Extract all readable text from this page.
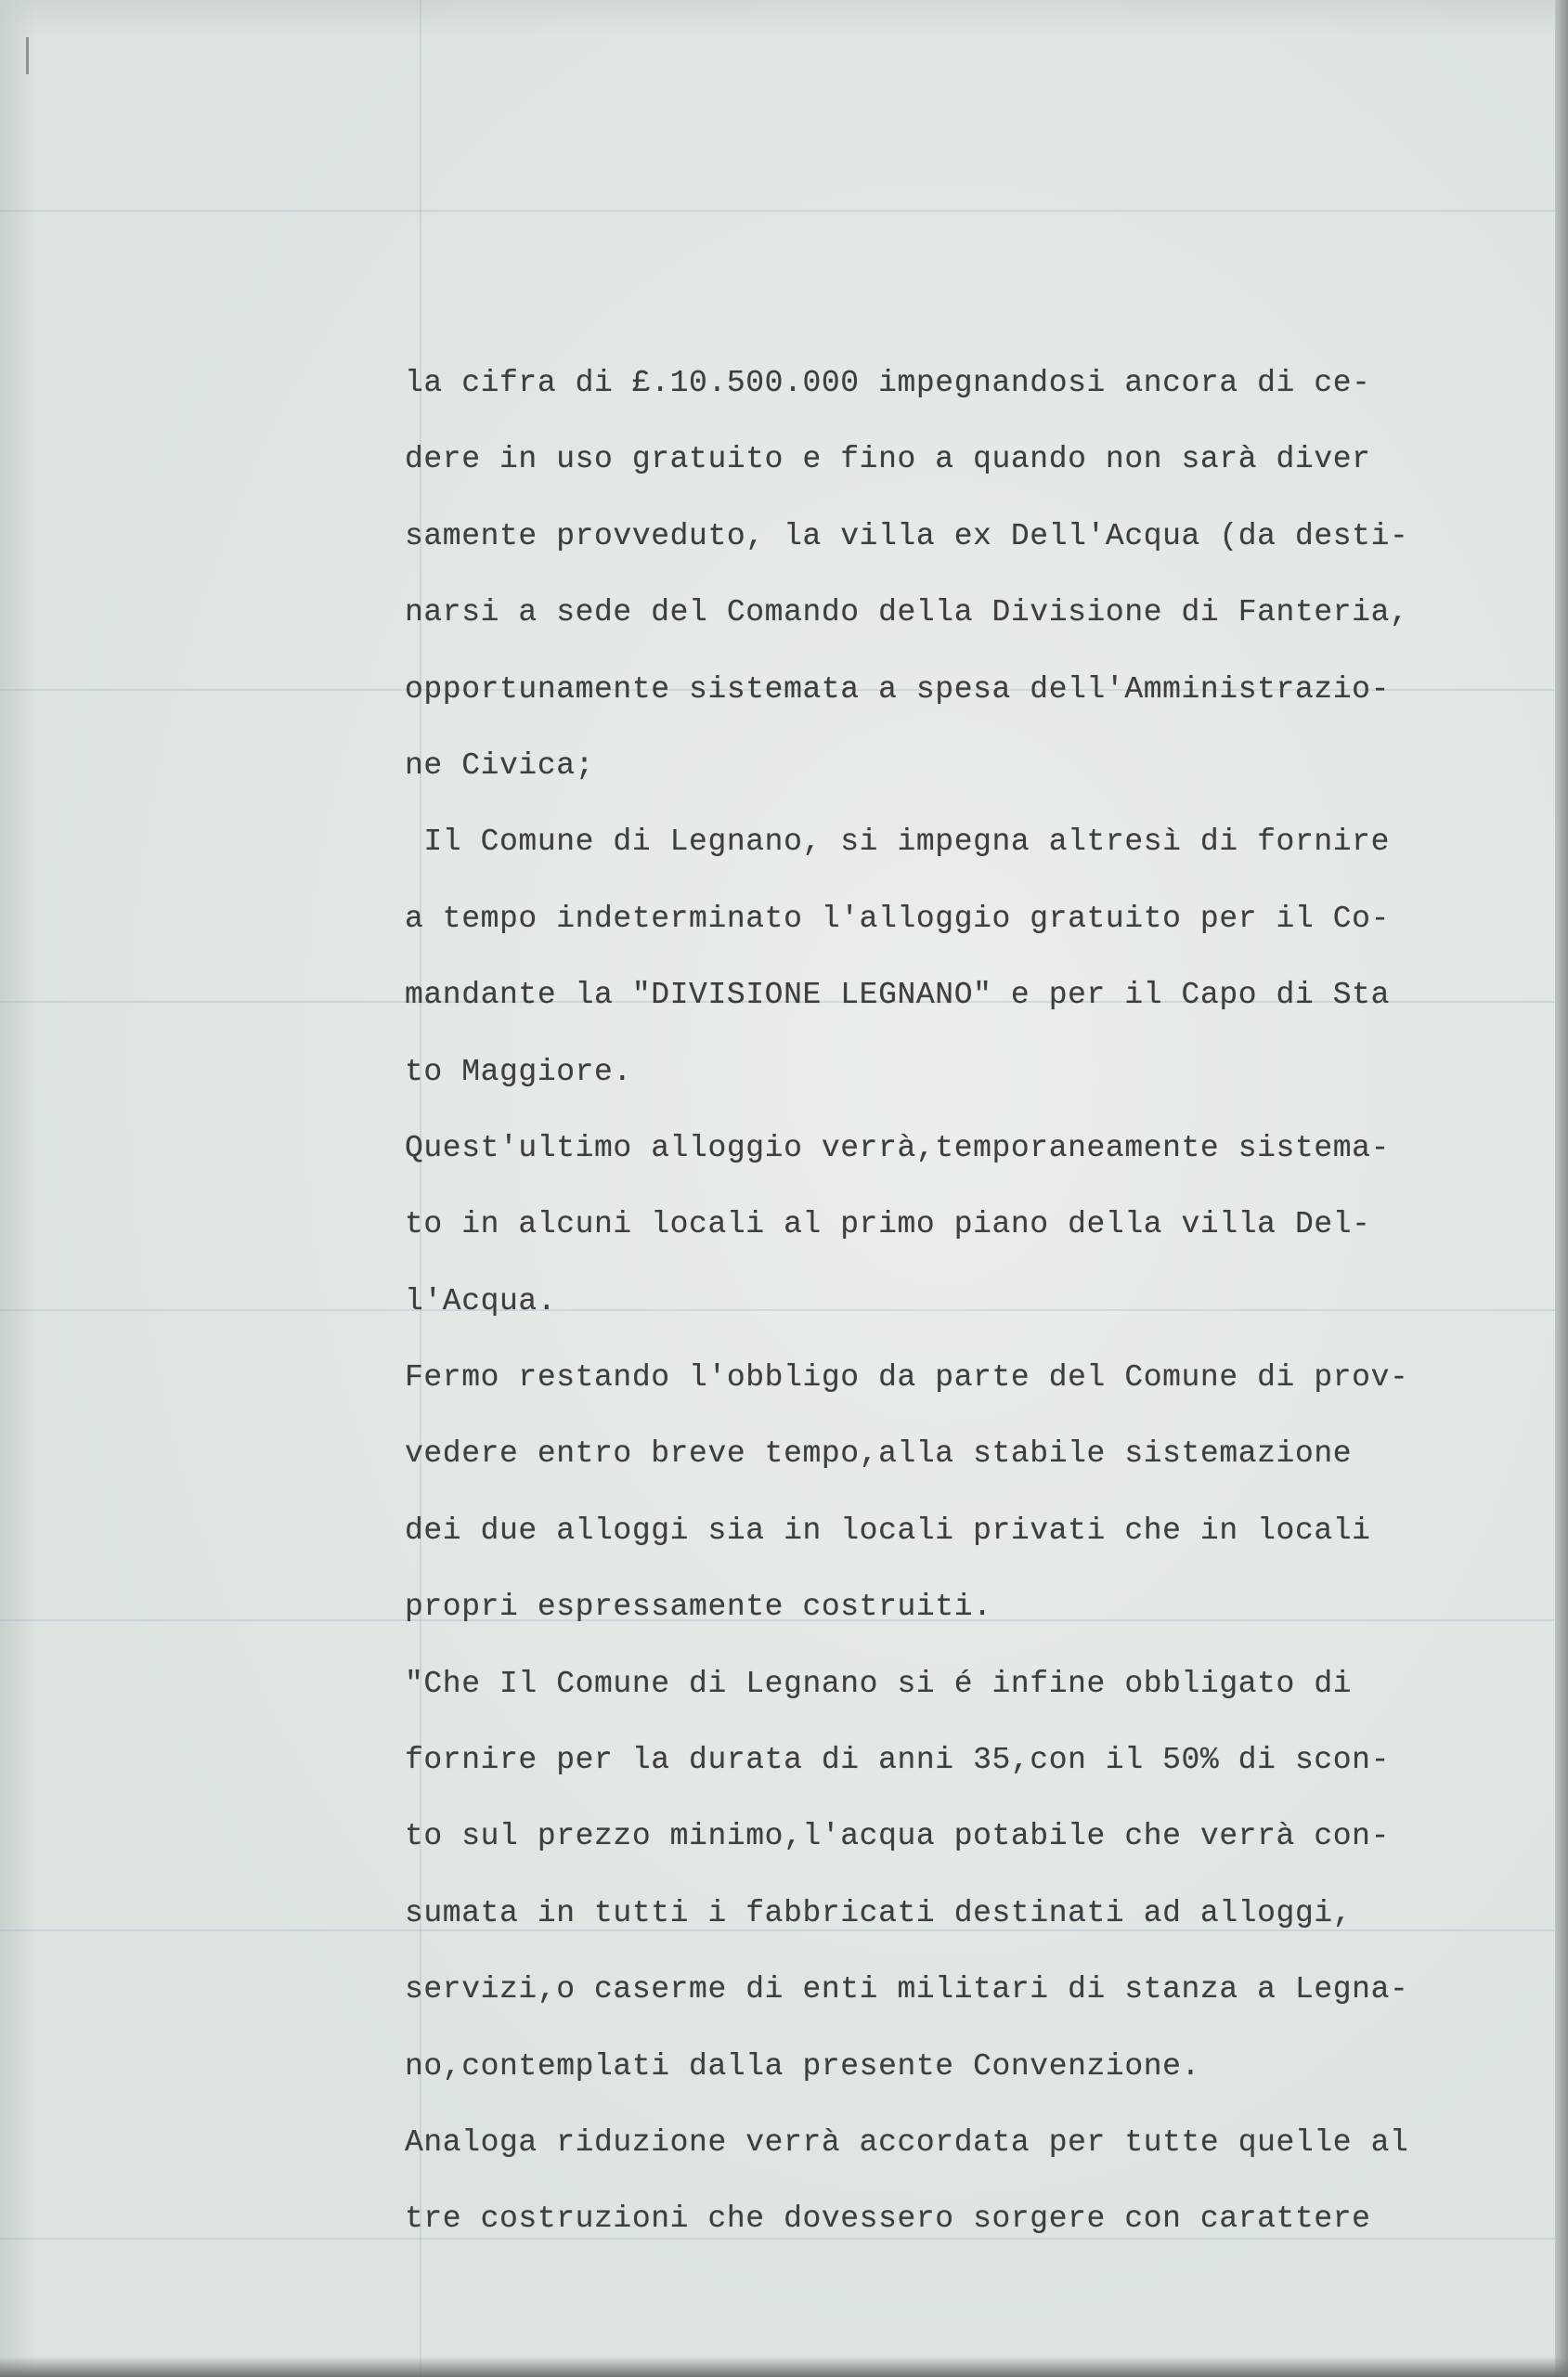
la cifra di £.10.500.000 impegnandosi ancora di ce-
dere in uso gratuito e fino a quando non sarà diver
samente provveduto, la villa ex Dell'Acqua (da desti-
narsi a sede del Comando della Divisione di Fanteria,
opportunamente sistemata a spesa dell'Amministrazio-
ne Civica;
Il Comune di Legnano, si impegna altresì di fornire
a tempo indeterminato l'alloggio gratuito per il Co-
mandante la "DIVISIONE LEGNANO" e per il Capo di Sta
to Maggiore.
Quest'ultimo alloggio verrà,temporaneamente sistema-
to in alcuni locali al primo piano della villa Del-
l'Acqua.
Fermo restando l'obbligo da parte del Comune di prov-
vedere entro breve tempo,alla stabile sistemazione
dei due alloggi sia in locali privati che in locali
propri espressamente costruiti.
"Che Il Comune di Legnano si é infine obbligato di
fornire per la durata di anni 35,con il 50% di scon-
to sul prezzo minimo,l'acqua potabile che verrà con-
sumata in tutti i fabbricati destinati ad alloggi,
servizi,o caserme di enti militari di stanza a Legna-
no,contemplati dalla presente Convenzione.
Analoga riduzione verrà accordata per tutte quelle al
tre costruzioni che dovessero sorgere con carattere
